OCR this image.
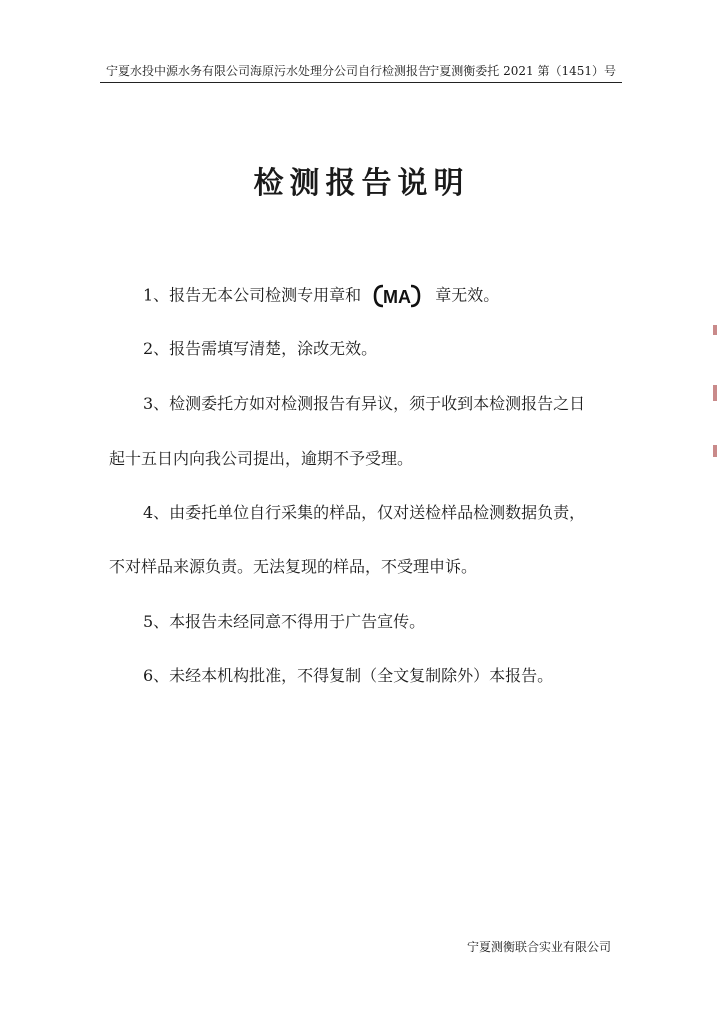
宁夏水投中源水务有限公司海原污水处理分公司自行检测报告
宁夏测衡委托 2021 第（1451）号
检测报告说明
1、报告无本公司检测专用章和 MA 章无效。
2、报告需填写清楚，涂改无效。
3、检测委托方如对检测报告有异议，须于收到本检测报告之日
起十五日内向我公司提出，逾期不予受理。
4、由委托单位自行采集的样品，仅对送检样品检测数据负责，
不对样品来源负责。无法复现的样品，不受理申诉。
5、本报告未经同意不得用于广告宣传。
6、未经本机构批准，不得复制（全文复制除外）本报告。
宁夏测衡联合实业有限公司
